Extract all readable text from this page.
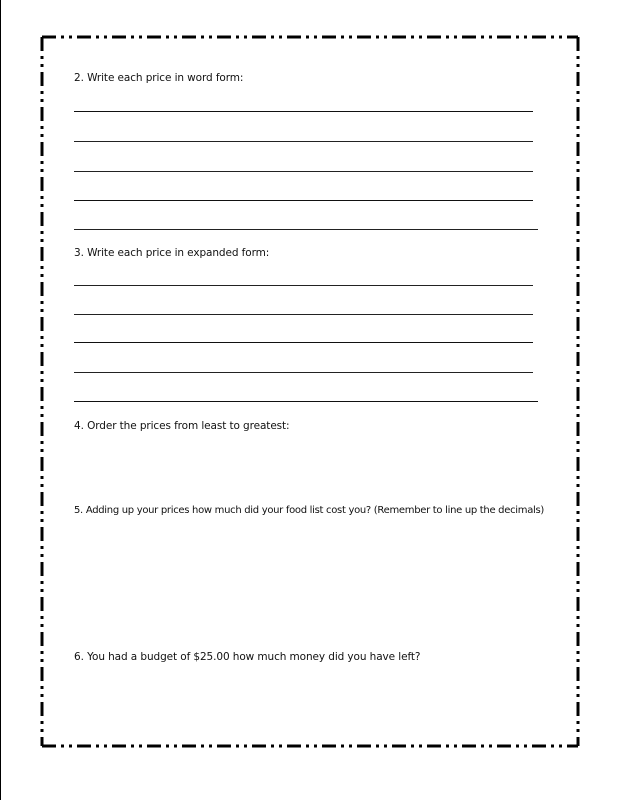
2. Write each price in word form:
3. Write each price in expanded form:
4. Order the prices from least to greatest:
5. Adding up your prices how much did your food list cost you? (Remember to line up the decimals)
6. You had a budget of $25.00 how much money did you have left?
